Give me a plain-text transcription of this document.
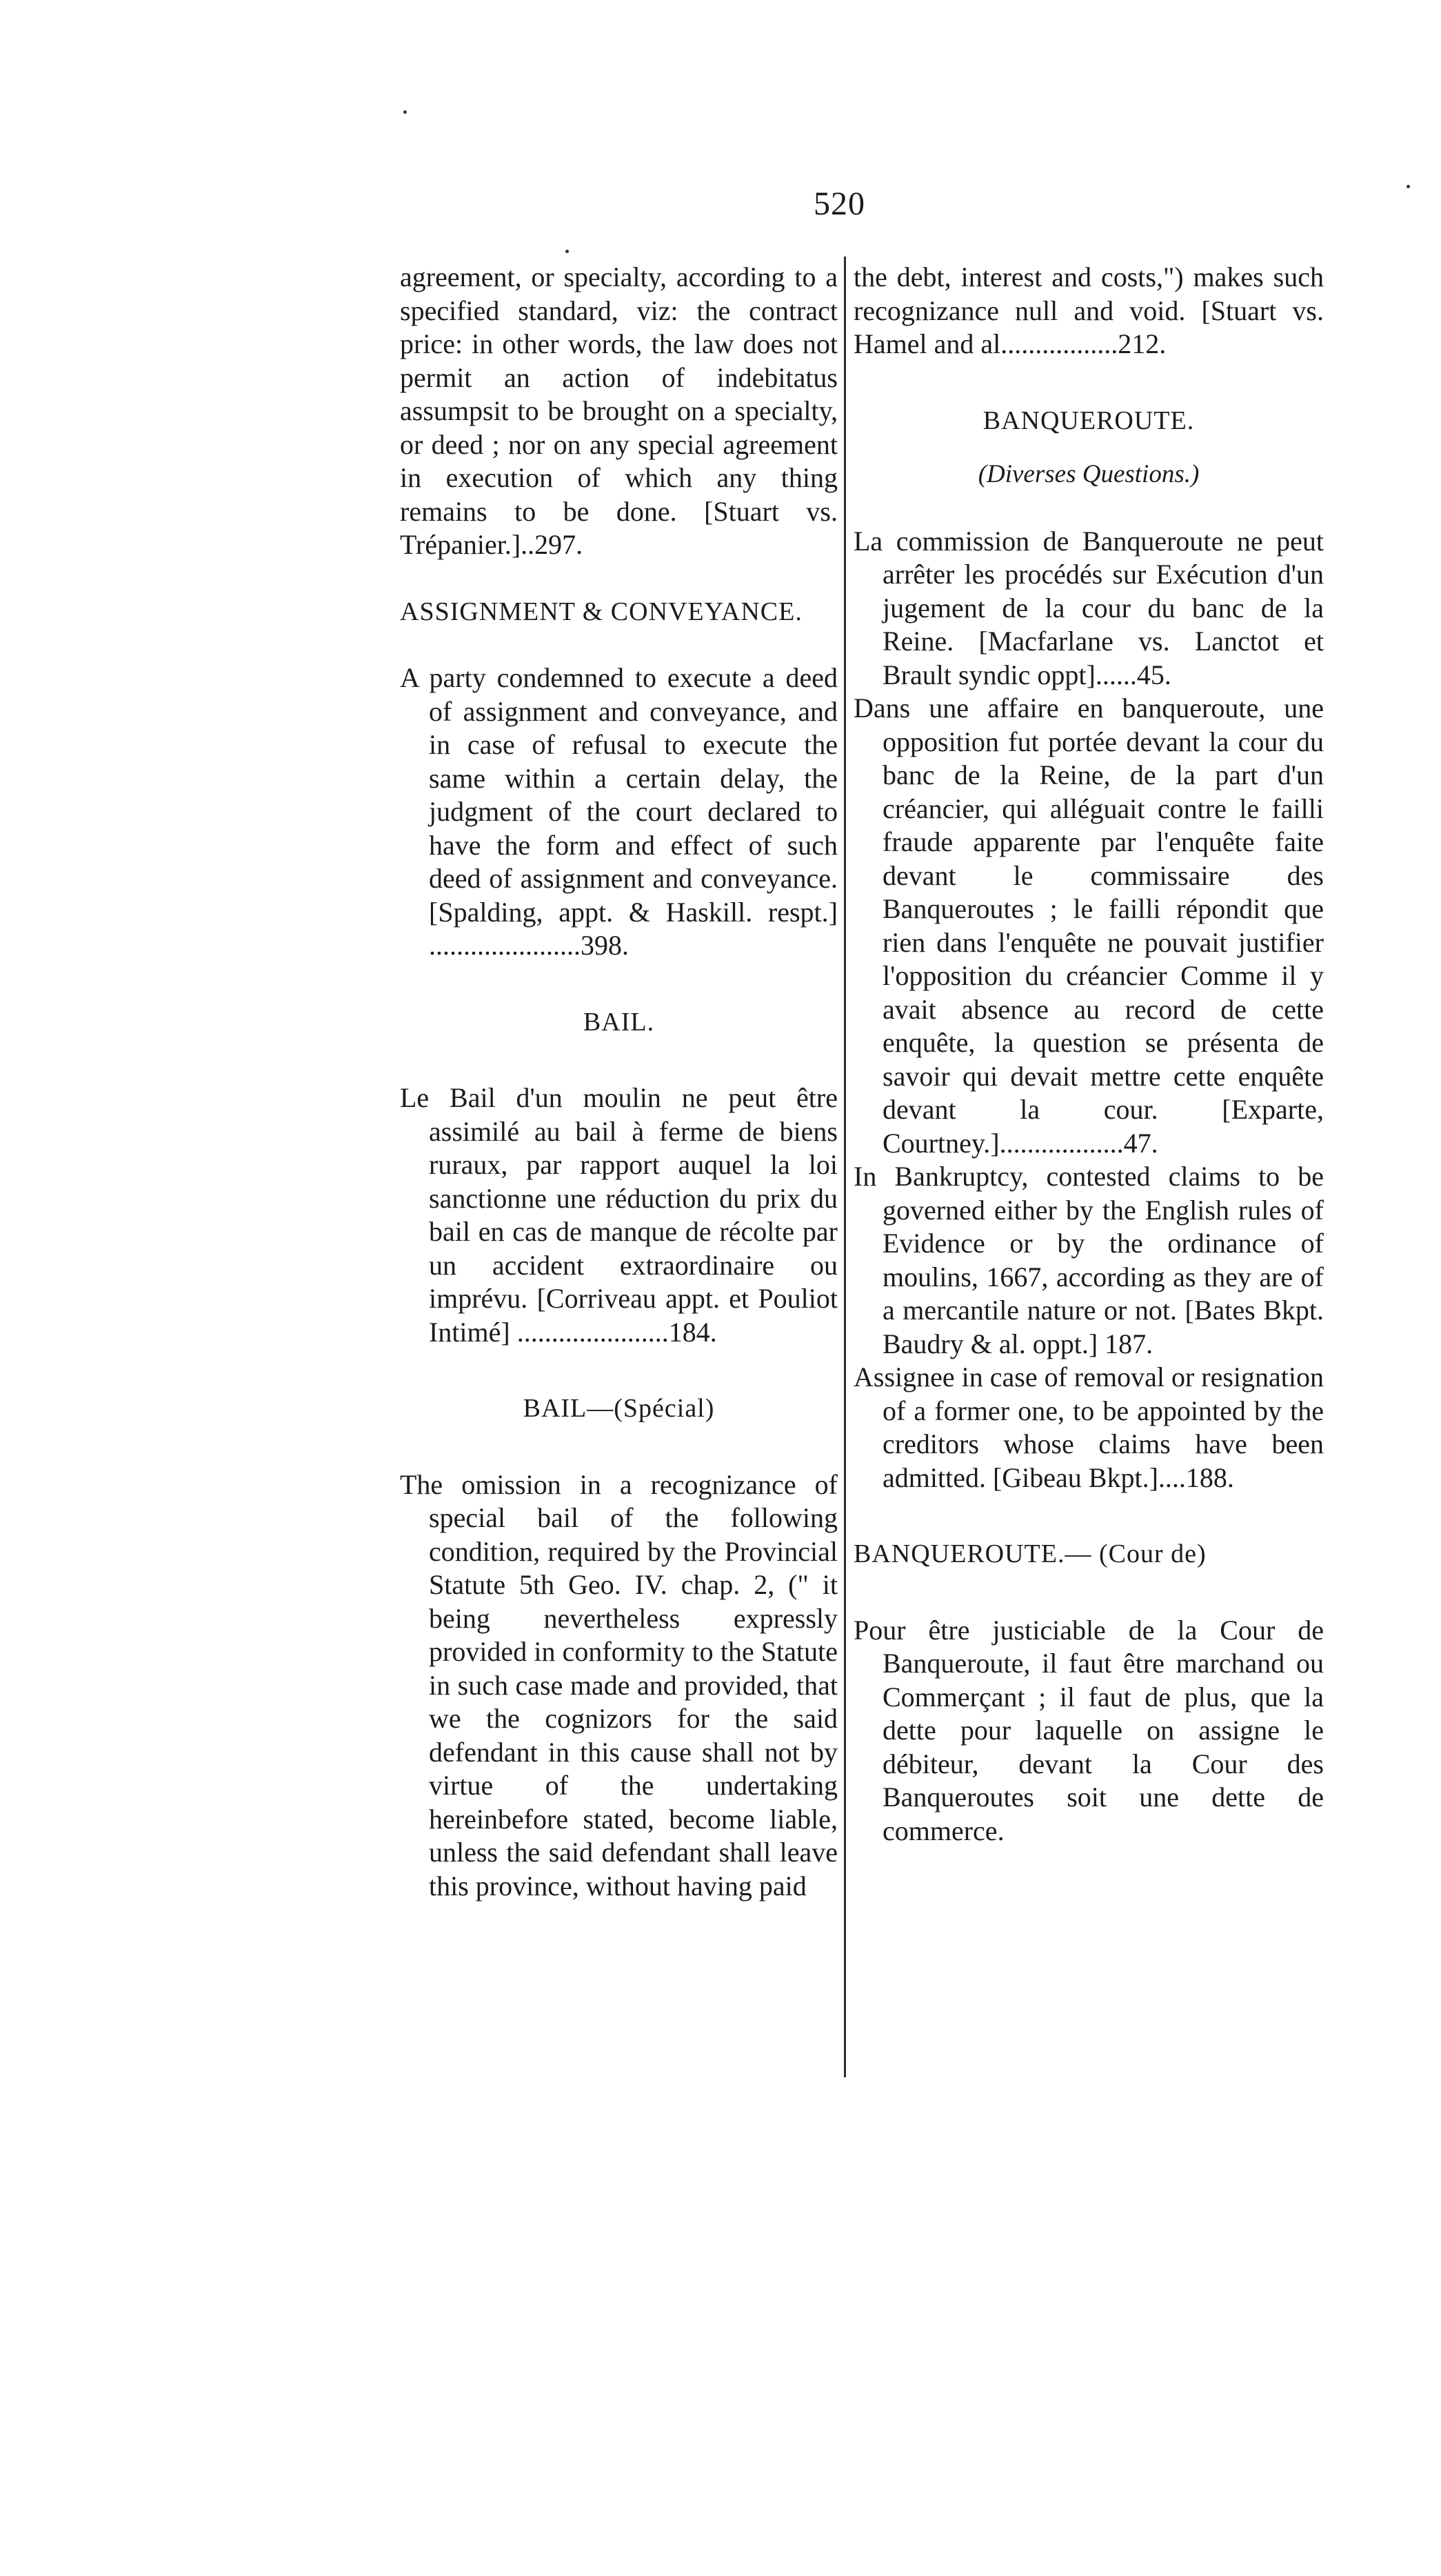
520
agreement, or specialty, according to a specified standard, viz: the contract price: in other words, the law does not permit an action of indebitatus assumpsit to be brought on a specialty, or deed ; nor on any special agreement in execution of which any thing remains to be done. [Stuart vs. Trépanier.]..297.
ASSIGNMENT & CONVEYANCE.
A party condemned to execute a deed of assignment and conveyance, and in case of refusal to execute the same within a certain delay, the judgment of the court declared to have the form and effect of such deed of assignment and conveyance. [Spalding, appt. & Haskill. respt.] ......................398.
BAIL.
Le Bail d'un moulin ne peut être assimilé au bail à ferme de biens ruraux, par rapport auquel la loi sanctionne une réduction du prix du bail en cas de manque de récolte par un accident extraordinaire ou imprévu. [Corriveau appt. et Pouliot Intimé] ......................184.
BAIL—(Spécial)
The omission in a recognizance of special bail of the following condition, required by the Provincial Statute 5th Geo. IV. chap. 2, (" it being nevertheless expressly provided in conformity to the Statute in such case made and provided, that we the cognizors for the said defendant in this cause shall not by virtue of the undertaking hereinbefore stated, become liable, unless the said defendant shall leave this province, without having paid
the debt, interest and costs,") makes such recognizance null and void. [Stuart vs. Hamel and al.................212.
BANQUEROUTE.
(Diverses Questions.)
La commission de Banqueroute ne peut arrêter les procédés sur Exécution d'un jugement de la cour du banc de la Reine. [Macfarlane vs. Lanctot et Brault syndic oppt]......45.
Dans une affaire en banqueroute, une opposition fut portée devant la cour du banc de la Reine, de la part d'un créancier, qui alléguait contre le failli fraude apparente par l'enquête faite devant le commissaire des Banqueroutes ; le failli répondit que rien dans l'enquête ne pouvait justifier l'opposition du créancier Comme il y avait absence au record de cette enquête, la question se présenta de savoir qui devait mettre cette enquête devant la cour. [Exparte, Courtney.]..................47.
In Bankruptcy, contested claims to be governed either by the English rules of Evidence or by the ordinance of moulins, 1667, according as they are of a mercantile nature or not. [Bates Bkpt. Baudry & al. oppt.] 187.
Assignee in case of removal or resignation of a former one, to be appointed by the creditors whose claims have been admitted. [Gibeau Bkpt.]....188.
BANQUEROUTE.— (Cour de)
Pour être justiciable de la Cour de Banqueroute, il faut être marchand ou Commerçant ; il faut de plus, que la dette pour laquelle on assigne le débiteur, devant la Cour des Banqueroutes soit une dette de commerce.
